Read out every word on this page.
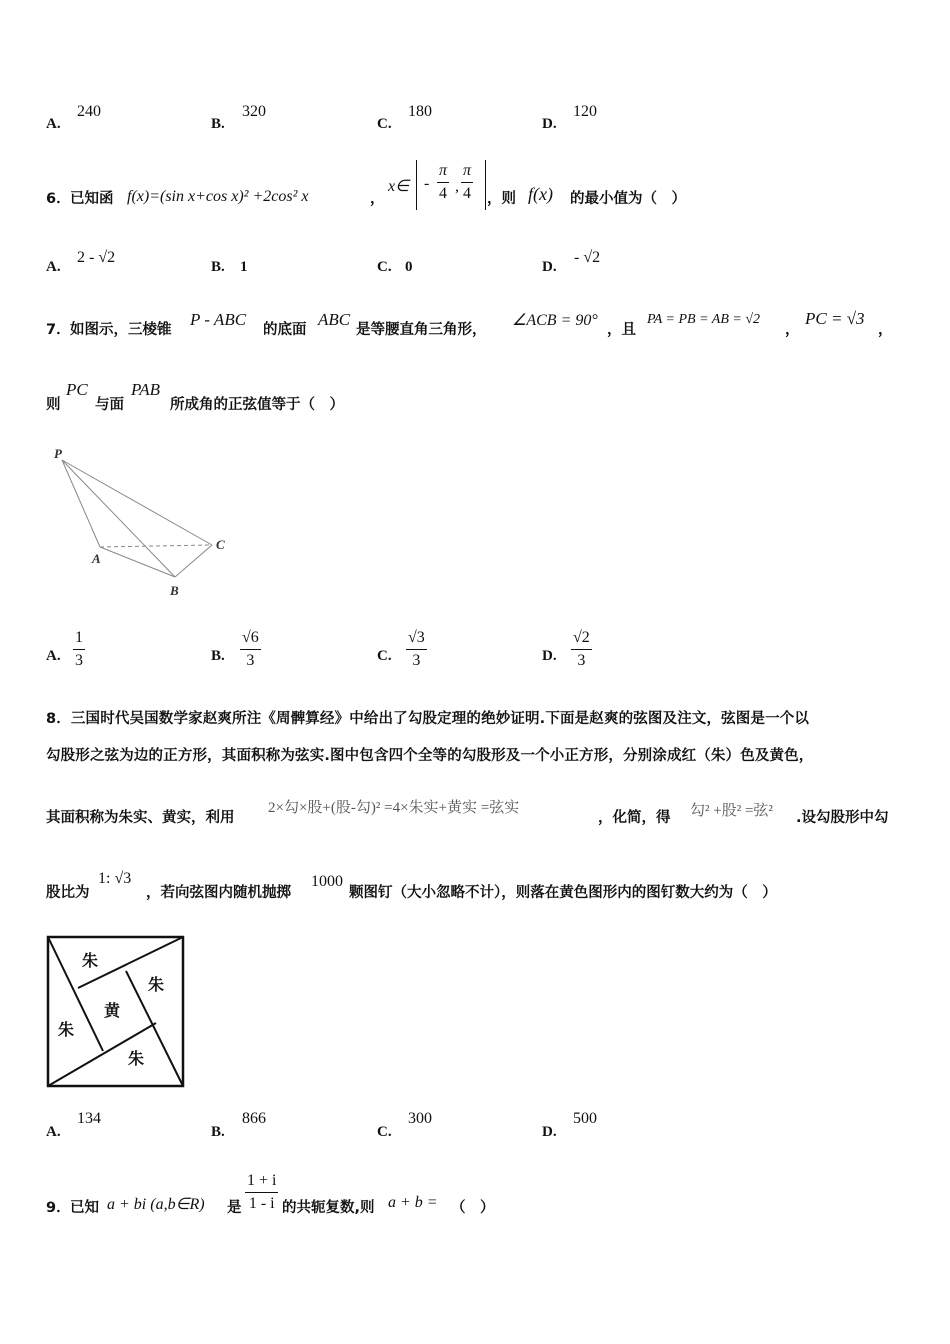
A.
240
B.
320
C.
180
D.
120
6． 已知函 f(x)=(sin x+cos x)² +2cos² x	，
x∈ - $\frac{\pi}{4}$ , $\frac{\pi}{4}$ ，则 f(x) 的最小值为（　）
A.
2 - √2
B. 1	C. 0	D.
- √2
7． 如图示，三棱锥
P - ABC
的底面
ABC
是等腰直角三角形，
∠ACB = 90°
，且
PA = PB = AB = √2
，
PC = √3
，
则
PC
与面
PAB
所成角的正弦值等于（　）
P
A
B
C
A. $\frac{1}{3}$	B. $\frac{√6}{3}$	C. $\frac{√3}{3}$	D. $\frac{√2}{3}$
8．三国时代吴国数学家赵爽所注《周髀算经》中给出了勾股定理的绝妙证明.下面是赵爽的弦图及注文，弦图是一个以
勾股形之弦为边的正方形，其面积称为弦实.图中包含四个全等的勾股形及一个小正方形，分别涂成红（朱）色及黄色，
其面积称为朱实、黄实，利用
2×勾×股+(股-勾)² =4×朱实+黄实 =弦实
，化简，得 勾² +股² =弦² .设勾股形中勾
股比为
1: √3
，若向弦图内随机抛掷
1000
颗图钉（大小忽略不计），则落在黄色图形内的图钉数大约为（　）
朱
朱
朱
朱
黄
A.
134
B.
866
C.
300
D.
500
9． 已知 a + bi (a,b∈R) 是 $\frac{1 + i}{1 - i}$ 的共轭复数,则 a + b = （　）
